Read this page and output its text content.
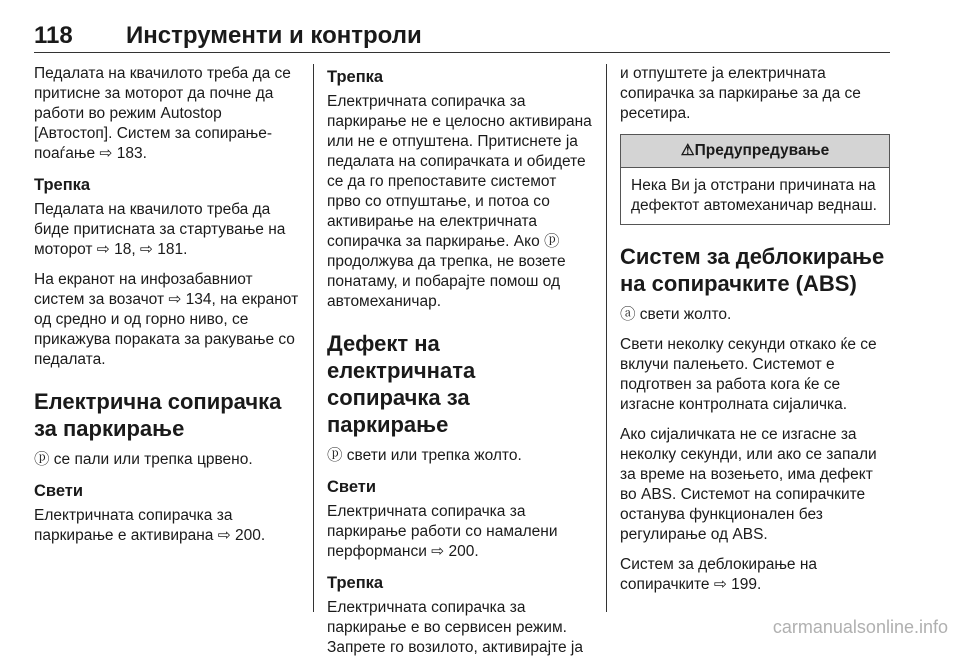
118 Инструменти и контроли

Педалата на квачилото треба да се притисне за моторот да почне да работи во режим Autostop [Автостоп]. Систем за сопирање-поаѓање ⇨ 183.

Трепка

Педалата на квачилото треба да биде притисната за стартување на моторот ⇨ 18, ⇨ 181.

На екранот на инфозабавниот систем за возачот ⇨ 134, на екранот од средно и од горно ниво, се прикажува пораката за ракување со педалата.

Електрична сопирачка за паркирање

ⓟ се пали или трепка црвено.

Свети

Електричната сопирачка за паркирање е активирана ⇨ 200.

Трепка

Електричната сопирачка за паркирање не е целосно активирана или не е отпуштена. Притиснете ја педалата на сопирачката и обидете се да го препоставите системот прво со отпуштање, и потоа со активирање на електричната сопирачка за паркирање. Ако ⓟ продолжува да трепка, не возете понатаму, и побарајте помош од автомеханичар.

Дефект на електричната сопирачка за паркирање

ⓟ свети или трепка жолто.

Свети

Електричната сопирачка за паркирање работи со намалени перформанси ⇨ 200.

Трепка

Електричната сопирачка за паркирање е во сервисен режим. Запрете го возилото, активирајте ја

и отпуштете ја електричната сопирачка за паркирање за да се ресетира.

⚠Предупредување
Нека Ви ја отстрани причината на дефектот автомеханичар веднаш.
Систем за деблокирање на сопирачките (ABS)

ⓐ свети жолто.

Свети неколку секунди откако ќе се вклучи палењето. Системот е подготвен за работа кога ќе се изгасне контролната сијаличка.

Ако сијаличката не се изгасне за неколку секунди, или ако се запали за време на возењето, има дефект во ABS. Системот на сопирачките останува функционален без регулирање од ABS.

Систем за деблокирање на сопирачките ⇨ 199.

carmanualsonline.info
